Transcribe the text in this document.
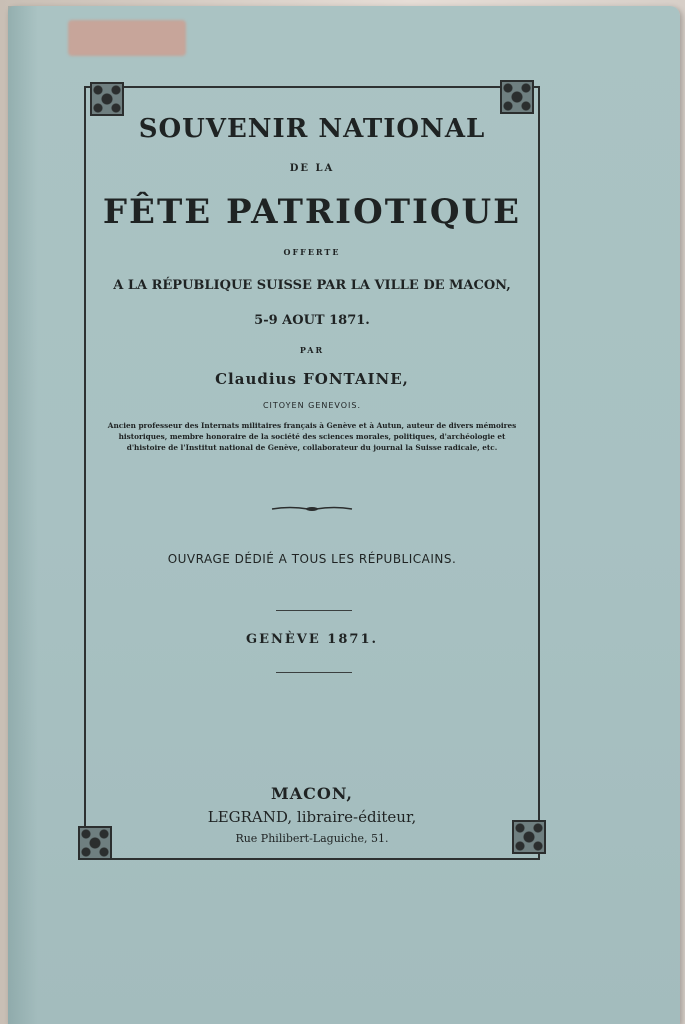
SOUVENIR NATIONAL
DE LA
FÊTE PATRIOTIQUE
OFFERTE
A LA RÉPUBLIQUE SUISSE PAR LA VILLE DE MACON,
5-9 AOUT 1871.
PAR
Claudius FONTAINE,
CITOYEN GENEVOIS.
Ancien professeur des Internats militaires français à Genève et à Autun, auteur de divers mémoires historiques, membre honoraire de la société des sciences morales, politiques, d'archéologie et d'histoire de l'Institut national de Genève, collaborateur du journal la Suisse radicale, etc.
OUVRAGE DÉDIÉ A TOUS LES RÉPUBLICAINS.
GENÈVE 1871.
MACON,
LEGRAND, libraire-éditeur,
Rue Philibert-Laguiche, 51.
